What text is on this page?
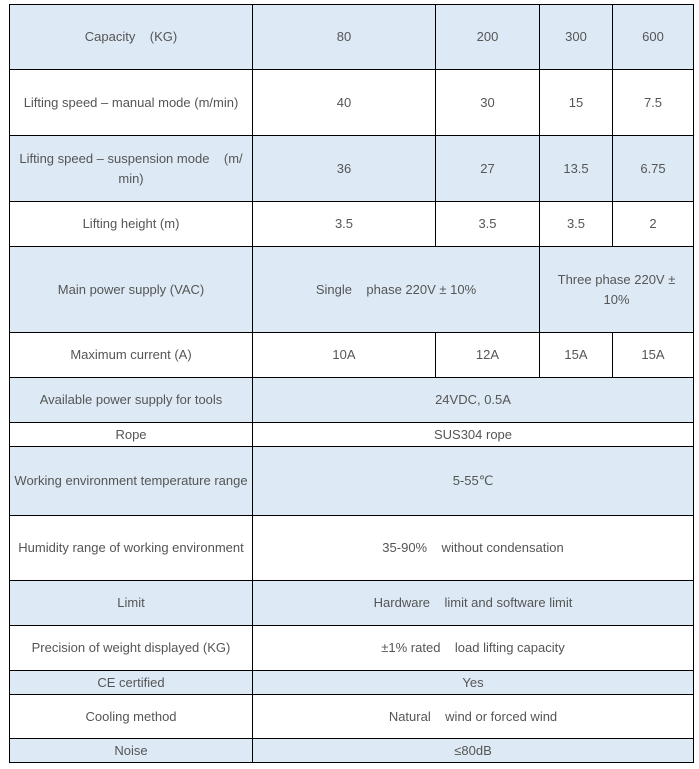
Capacity    (KG)	80	200	300	600
Lifting speed – manual mode (m/min)	40	30	15	7.5
Lifting speed – suspension mode    (m/ min)	36	27	13.5	6.75
Lifting height (m)	3.5	3.5	3.5	2
Main power supply (VAC)	Single    phase 220V ± 10%		Three phase 220V ± 10%	
Maximum current (A)	10A	12A	15A	15A
Available power supply for tools	24VDC, 0.5A			
Rope	SUS304 rope			
Working environment temperature range	5-55℃			
Humidity range of working environment	35-90%    without condensation			
Limit	Hardware    limit and software limit			
Precision of weight displayed (KG)	±1% rated    load lifting capacity			
CE certified	Yes			
Cooling method	Natural    wind or forced wind			
Noise	≤80dB			
